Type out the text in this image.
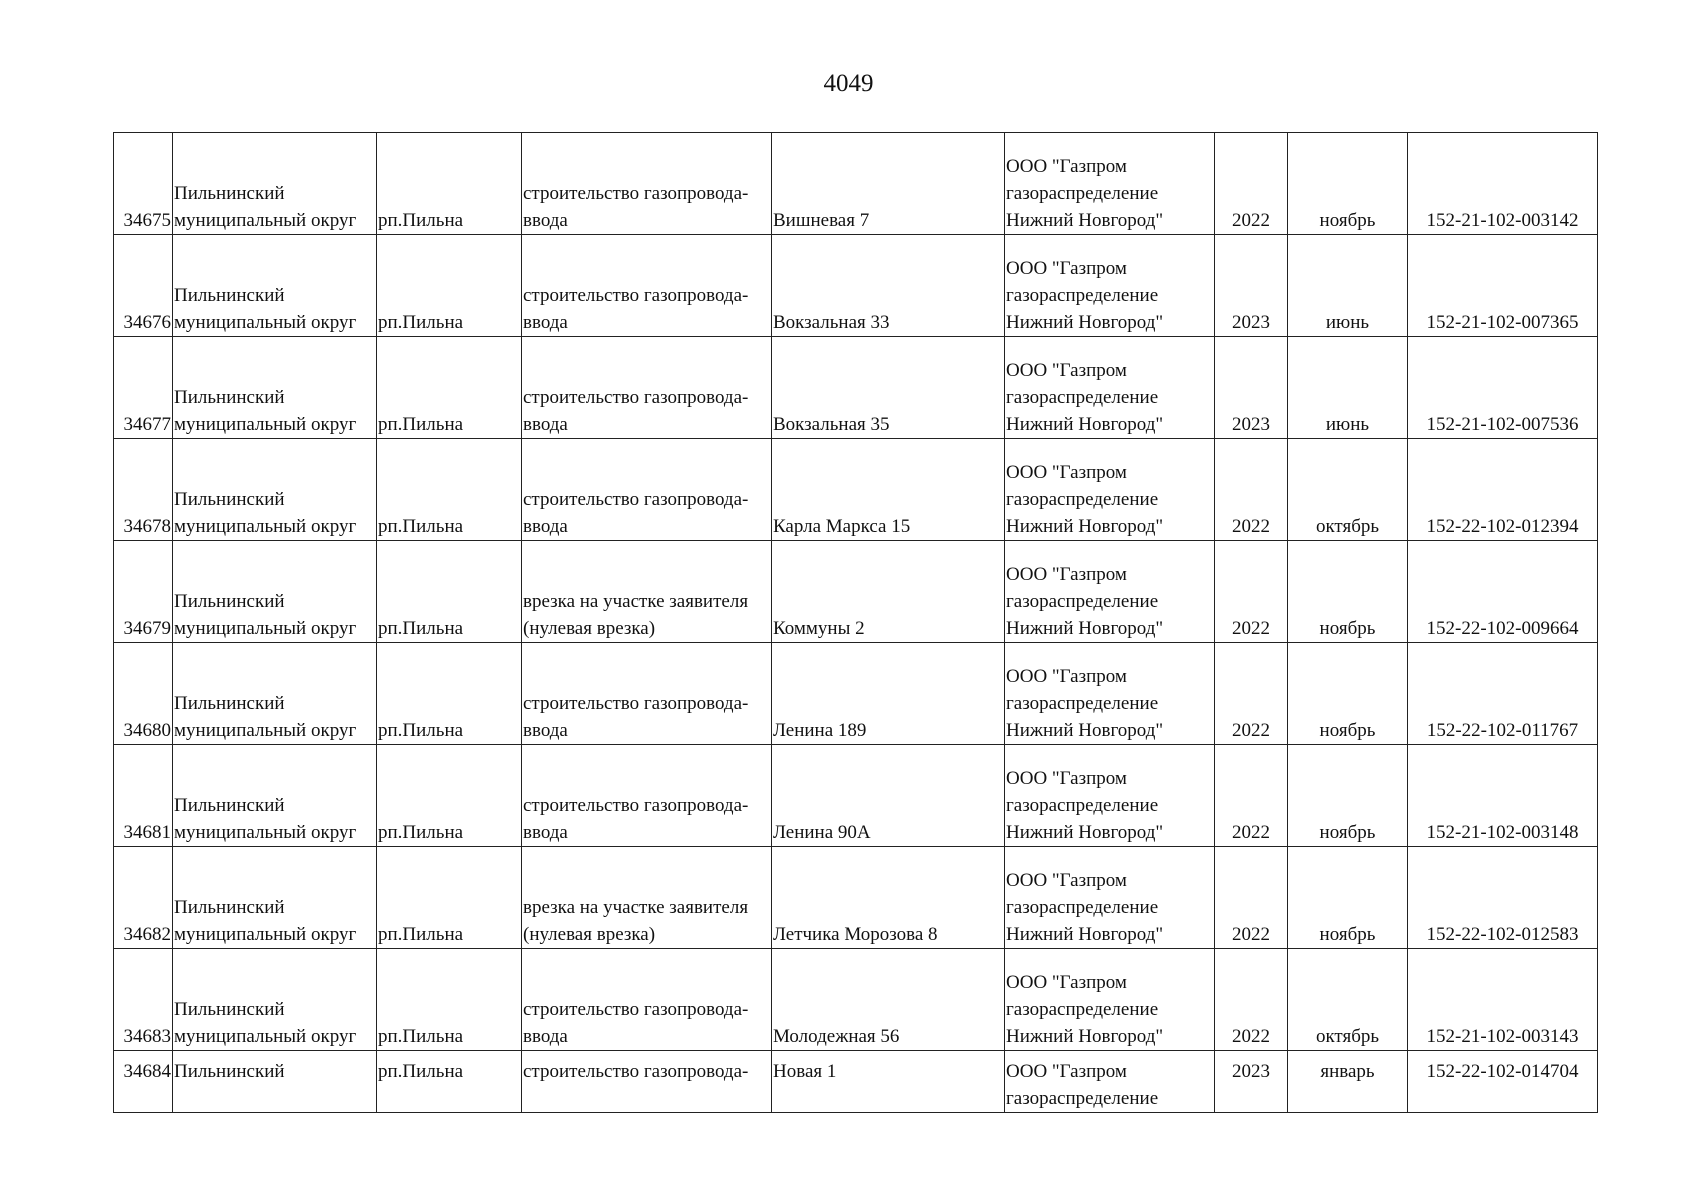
4049
34675	Пильнинский
муниципальный округ	рп.Пильна	строительство газопровода-
ввода	Вишневая 7	ООО "Газпром
газораспределение
Нижний Новгород"	2022	ноябрь	152-21-102-003142
34676	Пильнинский
муниципальный округ	рп.Пильна	строительство газопровода-
ввода	Вокзальная 33	ООО "Газпром
газораспределение
Нижний Новгород"	2023	июнь	152-21-102-007365
34677	Пильнинский
муниципальный округ	рп.Пильна	строительство газопровода-
ввода	Вокзальная 35	ООО "Газпром
газораспределение
Нижний Новгород"	2023	июнь	152-21-102-007536
34678	Пильнинский
муниципальный округ	рп.Пильна	строительство газопровода-
ввода	Карла Маркса 15	ООО "Газпром
газораспределение
Нижний Новгород"	2022	октябрь	152-22-102-012394
34679	Пильнинский
муниципальный округ	рп.Пильна	врезка на участке заявителя
(нулевая врезка)	Коммуны 2	ООО "Газпром
газораспределение
Нижний Новгород"	2022	ноябрь	152-22-102-009664
34680	Пильнинский
муниципальный округ	рп.Пильна	строительство газопровода-
ввода	Ленина 189	ООО "Газпром
газораспределение
Нижний Новгород"	2022	ноябрь	152-22-102-011767
34681	Пильнинский
муниципальный округ	рп.Пильна	строительство газопровода-
ввода	Ленина 90А	ООО "Газпром
газораспределение
Нижний Новгород"	2022	ноябрь	152-21-102-003148
34682	Пильнинский
муниципальный округ	рп.Пильна	врезка на участке заявителя
(нулевая врезка)	Летчика Морозова 8	ООО "Газпром
газораспределение
Нижний Новгород"	2022	ноябрь	152-22-102-012583
34683	Пильнинский
муниципальный округ	рп.Пильна	строительство газопровода-
ввода	Молодежная 56	ООО "Газпром
газораспределение
Нижний Новгород"	2022	октябрь	152-21-102-003143
34684	Пильнинский	рп.Пильна	строительство газопровода-	Новая 1	ООО "Газпром
газораспределение	2023	январь	152-22-102-014704
